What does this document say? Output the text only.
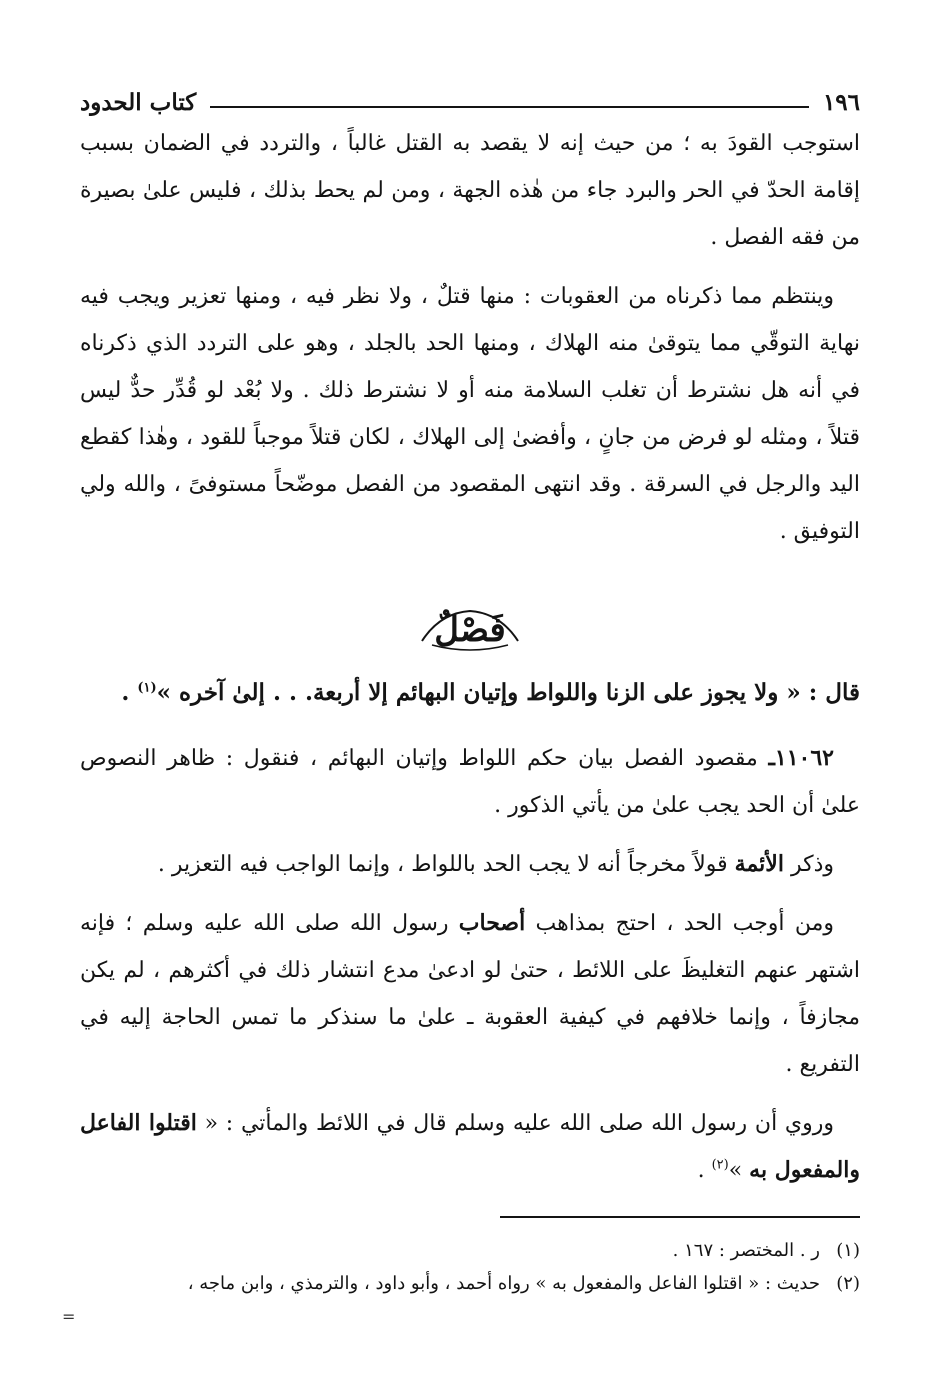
١٩٦
كتاب الحدود

استوجب القودَ به ؛ من حيث إنه لا يقصد به القتل غالباً ، والتردد في الضمان بسبب إقامة الحدّ في الحر والبرد جاء من هٰذه الجهة ، ومن لم يحط بذلك ، فليس علىٰ بصيرة من فقه الفصل .

وينتظم مما ذكرناه من العقوبات : منها قتلٌ ، ولا نظر فيه ، ومنها تعزير ويجب فيه نهاية التوقّي مما يتوقىٰ منه الهلاك ، ومنها الحد بالجلد ، وهو على التردد الذي ذكرناه في أنه هل نشترط أن تغلب السلامة منه أو لا نشترط ذلك . ولا بُعْد لو قُدِّر حدٌّ ليس قتلاً ، ومثله لو فرض من جانٍ ، وأفضىٰ إلى الهلاك ، لكان قتلاً موجباً للقود ، وهٰذا كقطع اليد والرجل في السرقة . وقد انتهى المقصود من الفصل موضّحاً مستوفىً ، والله ولي التوفيق .

فَصْلٌ

قال : « ولا يجوز على الزنا واللواط وإتيان البهائم إلا أربعة. . . إلىٰ آخره »$^{(١)}$ .

١١٠٦٢ـ مقصود الفصل بيان حكم اللواط وإتيان البهائم ، فنقول : ظاهر النصوص علىٰ أن الحد يجب علىٰ من يأتي الذكور .

وذكر الأئمة قولاً مخرجاً أنه لا يجب الحد باللواط ، وإنما الواجب فيه التعزير .

ومن أوجب الحد ، احتج بمذاهب أصحاب رسول الله صلى الله عليه وسلم ؛ فإنه اشتهر عنهم التغليظَ على اللائط ، حتىٰ لو ادعىٰ مدع انتشار ذلك في أكثرهم ، لم يكن مجازفاً ، وإنما خلافهم في كيفية العقوبة ـ علىٰ ما سنذكر ما تمس الحاجة إليه في التفريع .

وروي أن رسول الله صلى الله عليه وسلم قال في اللائط والمأتي : « اقتلوا الفاعل والمفعول به »$^{(٢)}$ .

(١)
ر . المختصر : ١٦٧ .
(٢)
حديث : « اقتلوا الفاعل والمفعول به » رواه أحمد ، وأبو داود ، والترمذي ، وابن ماجه ،
=
